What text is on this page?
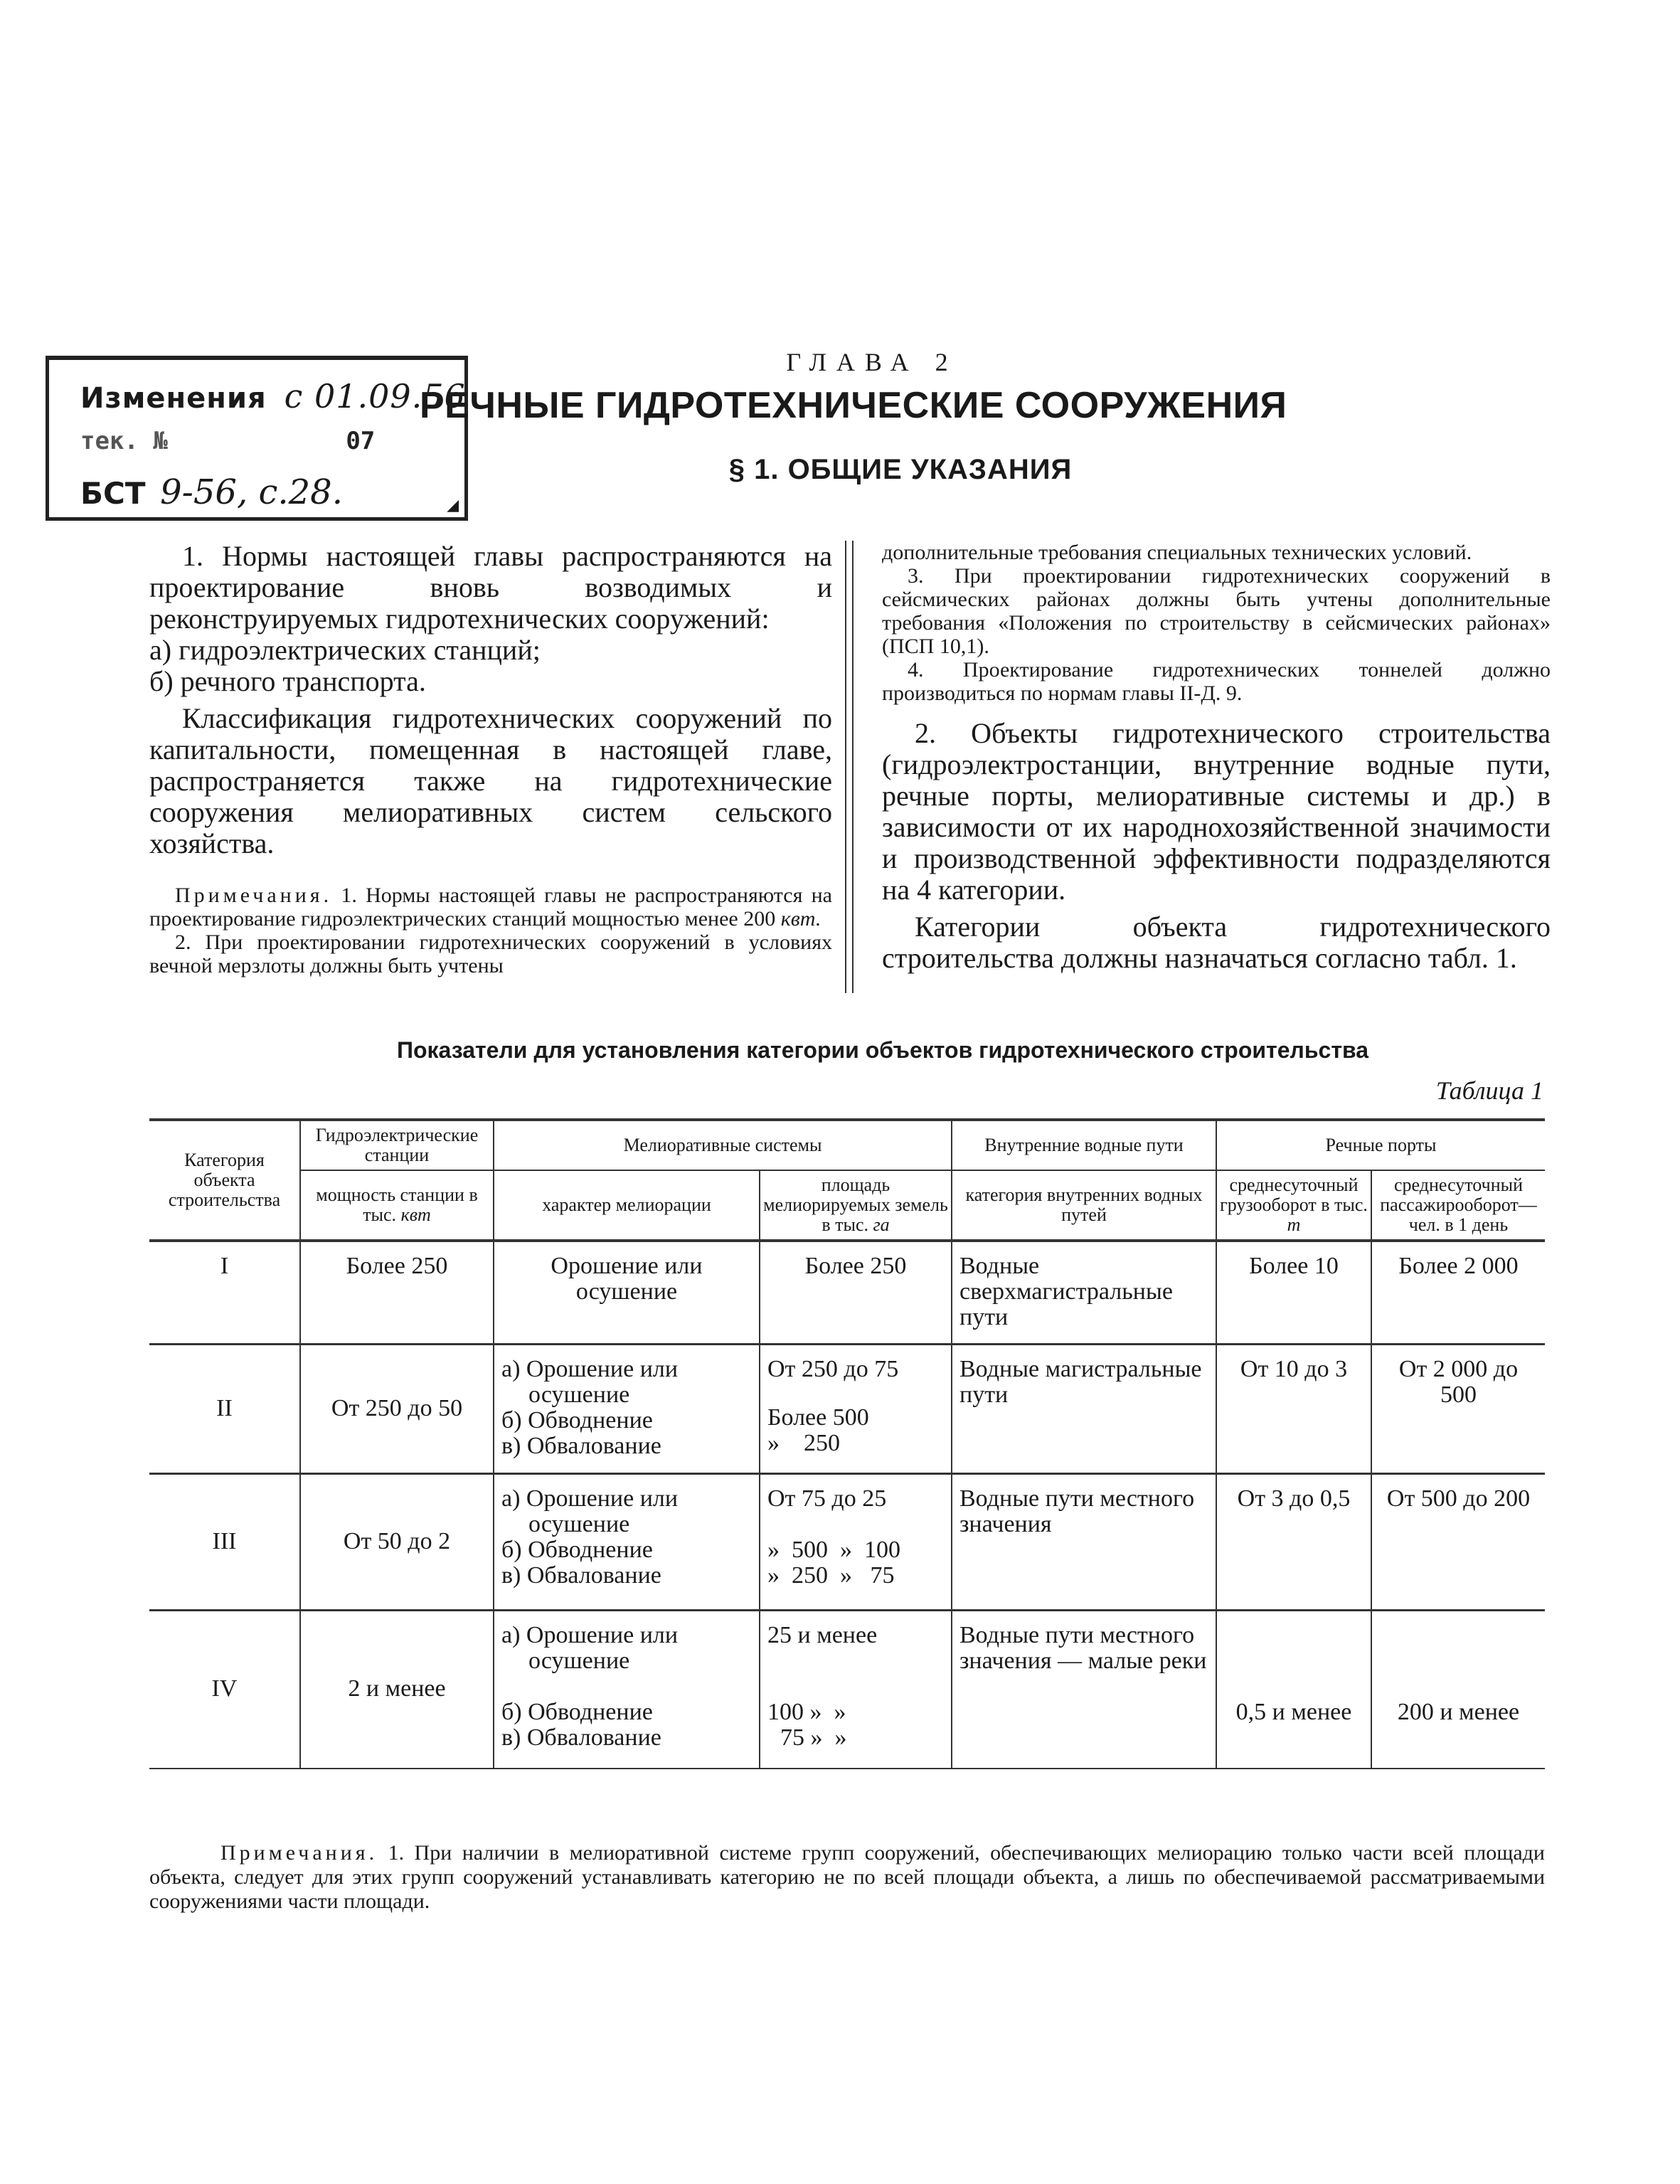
Изменения с 01.09.56
тек. №	07
БСТ 9-56, с.28.	◢
ГЛАВА 2
РЕЧНЫЕ ГИДРОТЕХНИЧЕСКИЕ СООРУЖЕНИЯ
§ 1. ОБЩИЕ УКАЗАНИЯ

1. Нормы настоящей главы распространяются на проектирование вновь возводимых и реконструируемых гидротехнических сооружений:

а) гидроэлектрических станций;

б) речного транспорта.

Классификация гидротехнических сооружений по капитальности, помещенная в настоящей главе, распространяется также на гидротехнические сооружения мелиоративных систем сельского хозяйства.

Примечания. 1. Нормы настоящей главы не распространяются на проектирование гидроэлектрических станций мощностью менее 200 квт.

2. При проектировании гидротехнических сооружений в условиях вечной мерзлоты должны быть учтены

дополнительные требования специальных технических условий.

3. При проектировании гидротехнических сооружений в сейсмических районах должны быть учтены дополнительные требования «Положения по строительству в сейсмических районах» (ПСП 10,1).

4. Проектирование гидротехнических тоннелей должно производиться по нормам главы II-Д. 9.

2. Объекты гидротехнического строительства (гидроэлектростанции, внутренние водные пути, речные порты, мелиоративные системы и др.) в зависимости от их народнохозяйственной значимости и производственной эффективности подразделяются на 4 категории.

Категории объекта гидротехнического строительства должны назначаться согласно табл. 1.

Показатели для установления категории объектов гидротехнического строительства
Таблица 1
Категория объекта строительства	Гидроэлектрические станции	Мелиоративные системы		Внутренние водные пути	Речные порты	
	мощность станции в тыс. квт	характер мелиорации	площадь мелиорируемых земель в тыс. га	категория внутренних водных путей	среднесуточный грузооборот в тыс. т	среднесуточный пассажирооборот—чел. в 1 день
I	Более 250	Орошение или
осушение	Более 250	Водные сверхмагистральные пути	Более 10	Более 2 000
II	От 250 до 50	а) Орошение или
осушение
б) Обводнение
в) Обвалование	От 250 до 75
Более 500
»    250	Водные магистральные пути	От 10 до 3	От 2 000 до 500
III	От 50 до 2	а) Орошение или
осушение
б) Обводнение
в) Обвалование	От 75 до 25
»  500  »  100
»  250  »   75	Водные пути местного значения	От 3 до 0,5	От 500 до 200
IV	2 и менее	а) Орошение или
осушение
б) Обводнение
в) Обвалование	25 и менее
100 »  »
75 »  »	Водные пути местного значения — малые реки	0,5 и менее	200 и менее

Примечания. 1. При наличии в мелиоративной системе групп сооружений, обеспечивающих мелиорацию только части всей площади объекта, следует для этих групп сооружений устанавливать категорию не по всей площади объекта, а лишь по обеспечиваемой рассматриваемыми сооружениями части площади.
